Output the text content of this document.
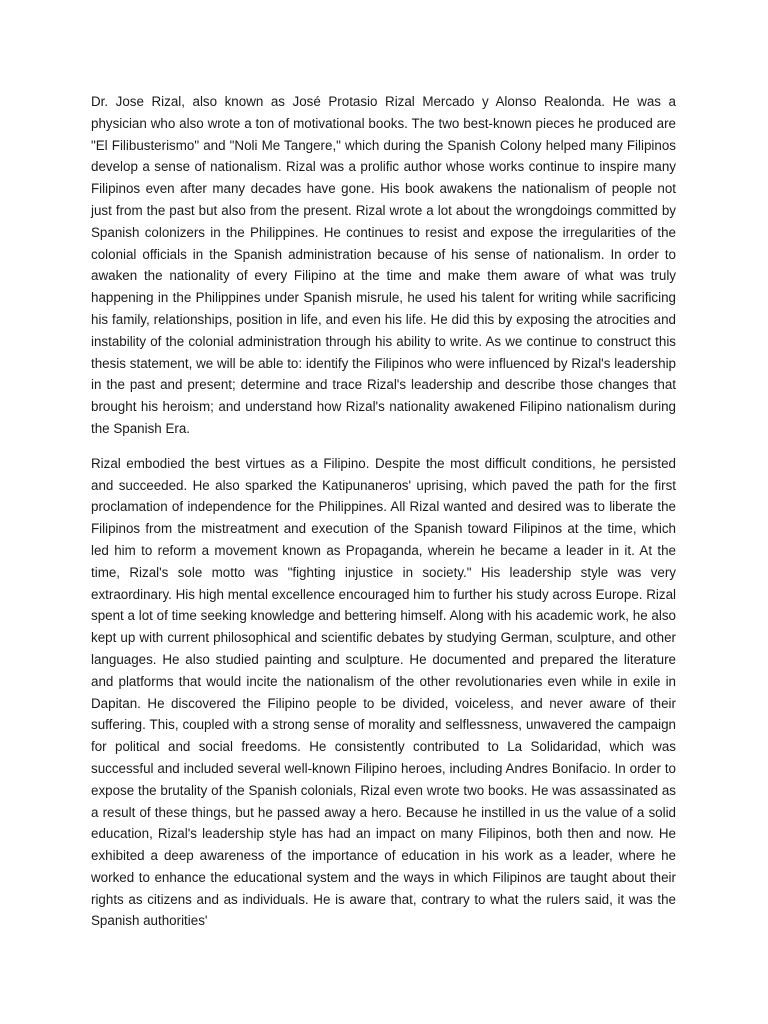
Dr. Jose Rizal, also known as José Protasio Rizal Mercado y Alonso Realonda. He was a physician who also wrote a ton of motivational books. The two best-known pieces he produced are "El Filibusterismo" and "Noli Me Tangere," which during the Spanish Colony helped many Filipinos develop a sense of nationalism. Rizal was a prolific author whose works continue to inspire many Filipinos even after many decades have gone. His book awakens the nationalism of people not just from the past but also from the present. Rizal wrote a lot about the wrongdoings committed by Spanish colonizers in the Philippines. He continues to resist and expose the irregularities of the colonial officials in the Spanish administration because of his sense of nationalism. In order to awaken the nationality of every Filipino at the time and make them aware of what was truly happening in the Philippines under Spanish misrule, he used his talent for writing while sacrificing his family, relationships, position in life, and even his life. He did this by exposing the atrocities and instability of the colonial administration through his ability to write. As we continue to construct this thesis statement, we will be able to: identify the Filipinos who were influenced by Rizal's leadership in the past and present; determine and trace Rizal's leadership and describe those changes that brought his heroism; and understand how Rizal's nationality awakened Filipino nationalism during the Spanish Era.

Rizal embodied the best virtues as a Filipino. Despite the most difficult conditions, he persisted and succeeded. He also sparked the Katipunaneros' uprising, which paved the path for the first proclamation of independence for the Philippines. All Rizal wanted and desired was to liberate the Filipinos from the mistreatment and execution of the Spanish toward Filipinos at the time, which led him to reform a movement known as Propaganda, wherein he became a leader in it. At the time, Rizal's sole motto was "fighting injustice in society." His leadership style was very extraordinary. His high mental excellence encouraged him to further his study across Europe. Rizal spent a lot of time seeking knowledge and bettering himself. Along with his academic work, he also kept up with current philosophical and scientific debates by studying German, sculpture, and other languages. He also studied painting and sculpture. He documented and prepared the literature and platforms that would incite the nationalism of the other revolutionaries even while in exile in Dapitan. He discovered the Filipino people to be divided, voiceless, and never aware of their suffering. This, coupled with a strong sense of morality and selflessness, unwavered the campaign for political and social freedoms. He consistently contributed to La Solidaridad, which was successful and included several well-known Filipino heroes, including Andres Bonifacio. In order to expose the brutality of the Spanish colonials, Rizal even wrote two books. He was assassinated as a result of these things, but he passed away a hero. Because he instilled in us the value of a solid education, Rizal's leadership style has had an impact on many Filipinos, both then and now. He exhibited a deep awareness of the importance of education in his work as a leader, where he worked to enhance the educational system and the ways in which Filipinos are taught about their rights as citizens and as individuals. He is aware that, contrary to what the rulers said, it was the Spanish authorities'
